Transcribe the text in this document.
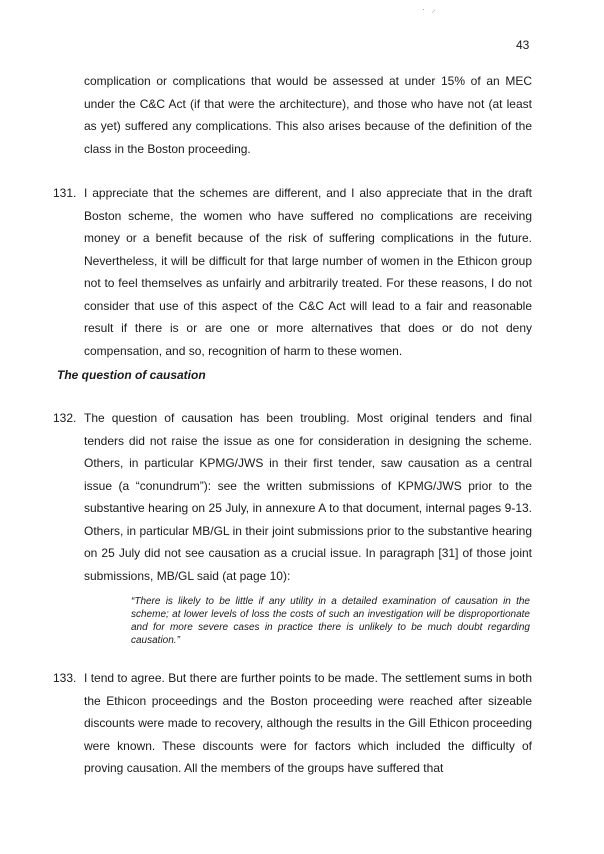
· ⸝
43

complication or complications that would be assessed at under 15% of an MEC under the C&C Act (if that were the architecture), and those who have not (at least as yet) suffered any complications. This also arises because of the definition of the class in the Boston proceeding.

131. I appreciate that the schemes are different, and I also appreciate that in the draft Boston scheme, the women who have suffered no complications are receiving money or a benefit because of the risk of suffering complications in the future. Nevertheless, it will be difficult for that large number of women in the Ethicon group not to feel themselves as unfairly and arbitrarily treated. For these reasons, I do not consider that use of this aspect of the C&C Act will lead to a fair and reasonable result if there is or are one or more alternatives that does or do not deny compensation, and so, recognition of harm to these women.

The question of causation

132. The question of causation has been troubling. Most original tenders and final tenders did not raise the issue as one for consideration in designing the scheme. Others, in particular KPMG/JWS in their first tender, saw causation as a central issue (a “conundrum”): see the written submissions of KPMG/JWS prior to the substantive hearing on 25 July, in annexure A to that document, internal pages 9-13. Others, in particular MB/GL in their joint submissions prior to the substantive hearing on 25 July did not see causation as a crucial issue. In paragraph [31] of those joint submissions, MB/GL said (at page 10):

“There is likely to be little if any utility in a detailed examination of causation in the scheme; at lower levels of loss the costs of such an investigation will be disproportionate and for more severe cases in practice there is unlikely to be much doubt regarding causation.”

133. I tend to agree. But there are further points to be made. The settlement sums in both the Ethicon proceedings and the Boston proceeding were reached after sizeable discounts were made to recovery, although the results in the Gill Ethicon proceeding were known. These discounts were for factors which included the difficulty of proving causation. All the members of the groups have suffered that
